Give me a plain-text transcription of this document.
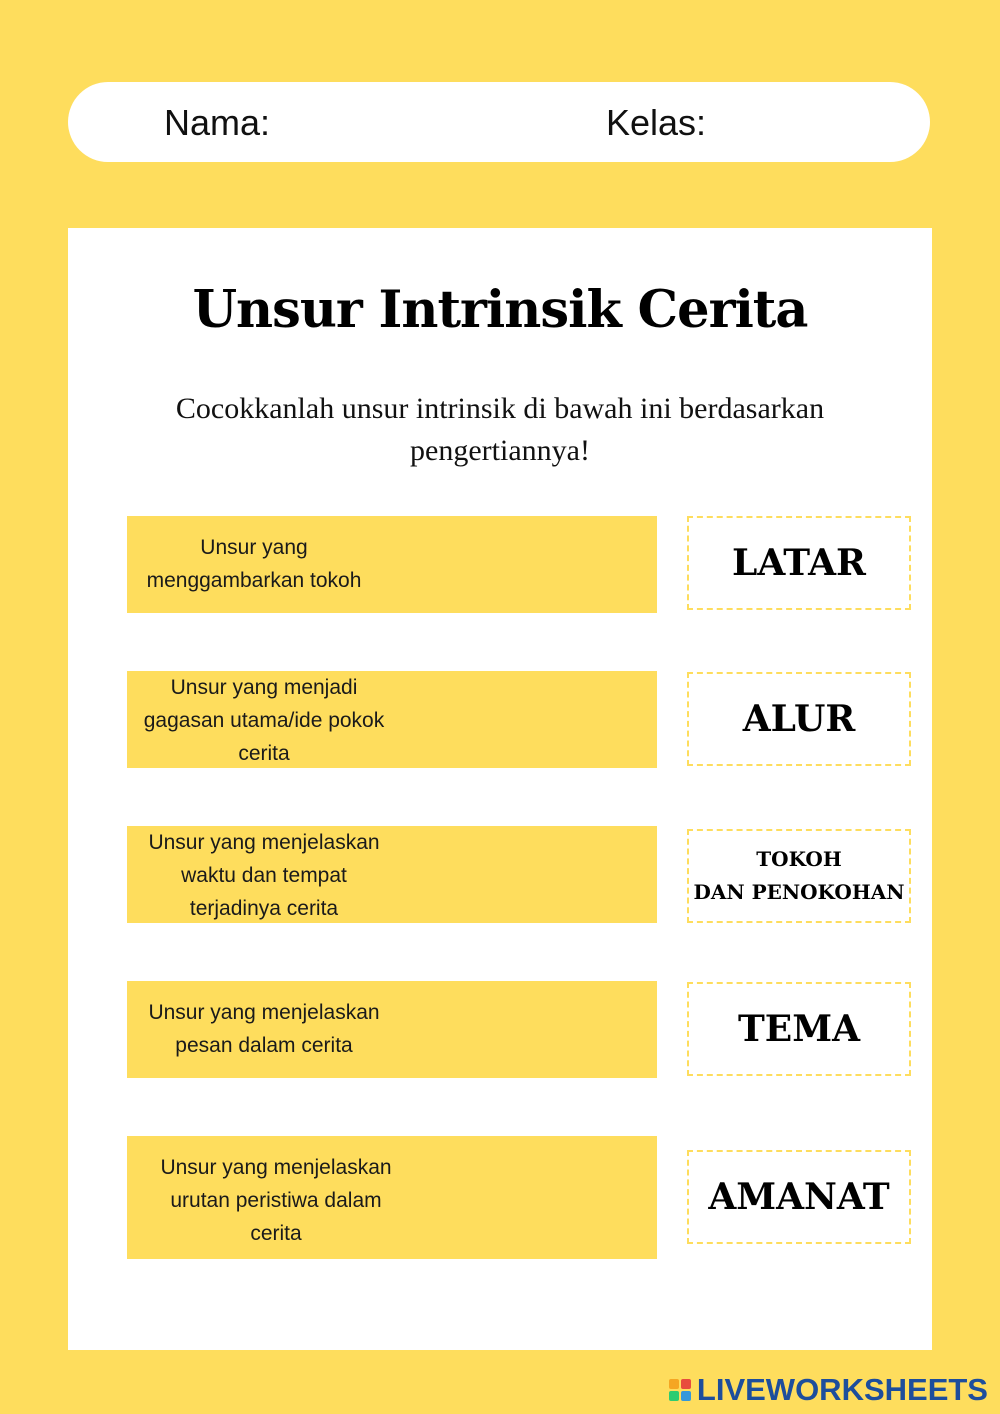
Nama:	Kelas:
Unsur Intrinsik Cerita
Cocokkanlah unsur intrinsik di bawah ini berdasarkan pengertiannya!
Unsur yang
menggambarkan tokoh
Unsur yang menjadi
gagasan utama/ide pokok
cerita
Unsur yang menjelaskan
waktu dan tempat
terjadinya cerita
Unsur yang menjelaskan
pesan dalam cerita
Unsur yang menjelaskan
urutan peristiwa dalam
cerita
LATAR
ALUR
TOKOH
DAN PENOKOHAN
TEMA
AMANAT
LIVEWORKSHEETS
